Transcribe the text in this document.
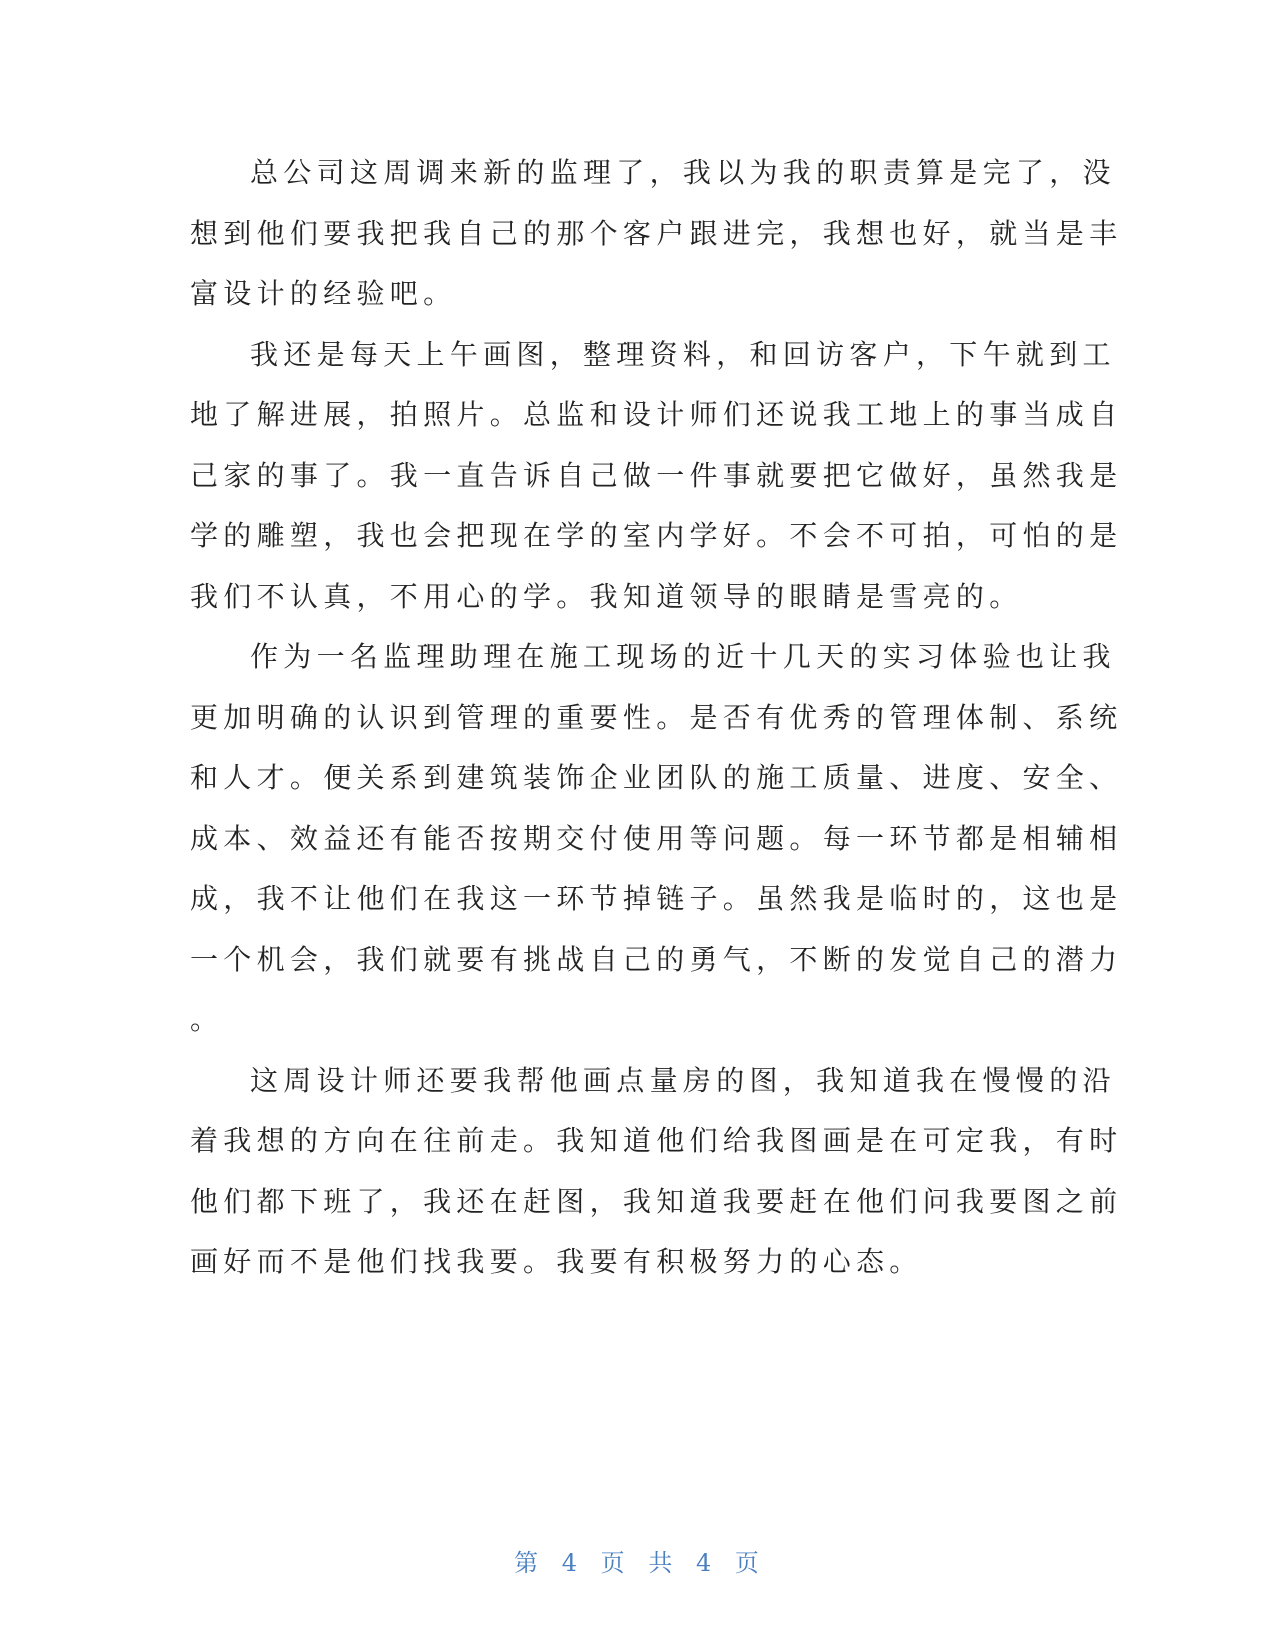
总公司这周调来新的监理了，我以为我的职责算是完了，没
想到他们要我把我自己的那个客户跟进完，我想也好，就当是丰
富设计的经验吧。

我还是每天上午画图，整理资料，和回访客户，下午就到工
地了解进展，拍照片。总监和设计师们还说我工地上的事当成自
己家的事了。我一直告诉自己做一件事就要把它做好，虽然我是
学的雕塑，我也会把现在学的室内学好。不会不可拍，可怕的是
我们不认真，不用心的学。我知道领导的眼睛是雪亮的。

作为一名监理助理在施工现场的近十几天的实习体验也让我
更加明确的认识到管理的重要性。是否有优秀的管理体制、系统
和人才。便关系到建筑装饰企业团队的施工质量、进度、安全、
成本、效益还有能否按期交付使用等问题。每一环节都是相辅相
成，我不让他们在我这一环节掉链子。虽然我是临时的，这也是
一个机会，我们就要有挑战自己的勇气，不断的发觉自己的潜力
。

这周设计师还要我帮他画点量房的图，我知道我在慢慢的沿
着我想的方向在往前走。我知道他们给我图画是在可定我，有时
他们都下班了，我还在赶图，我知道我要赶在他们问我要图之前
画好而不是他们找我要。我要有积极努力的心态。

第 4 页 共 4 页
